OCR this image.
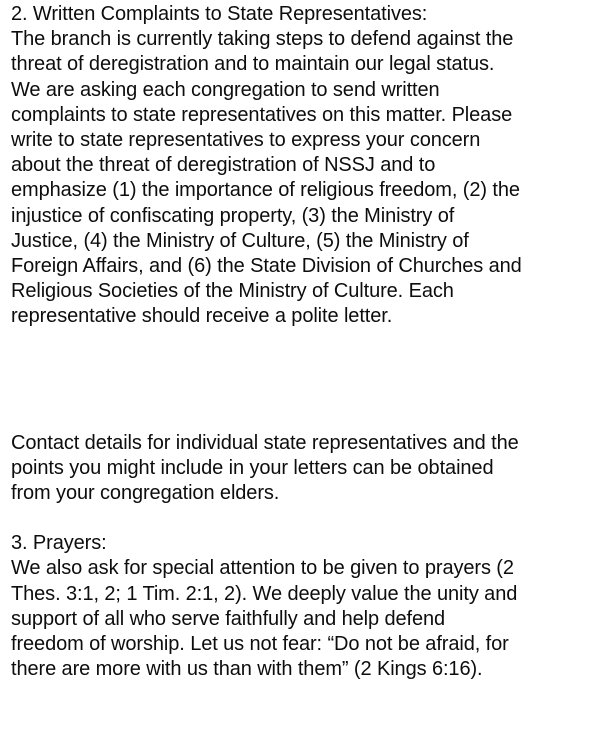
2. Written Complaints to State Representatives:
The branch is currently taking steps to defend against the
threat of deregistration and to maintain our legal status.
We are asking each congregation to send written
complaints to state representatives on this matter. Please
write to state representatives to express your concern
about the threat of deregistration of NSSJ and to
emphasize (1) the importance of religious freedom, (2) the
injustice of confiscating property, (3) the Ministry of
Justice, (4) the Ministry of Culture, (5) the Ministry of
Foreign Affairs, and (6) the State Division of Churches and
Religious Societies of the Ministry of Culture. Each
representative should receive a polite letter.
Contact details for individual state representatives and the
points you might include in your letters can be obtained
from your congregation elders.
3. Prayers:
We also ask for special attention to be given to prayers (2
Thes. 3:1, 2; 1 Tim. 2:1, 2). We deeply value the unity and
support of all who serve faithfully and help defend
freedom of worship. Let us not fear: “Do not be afraid, for
there are more with us than with them” (2 Kings 6:16).
